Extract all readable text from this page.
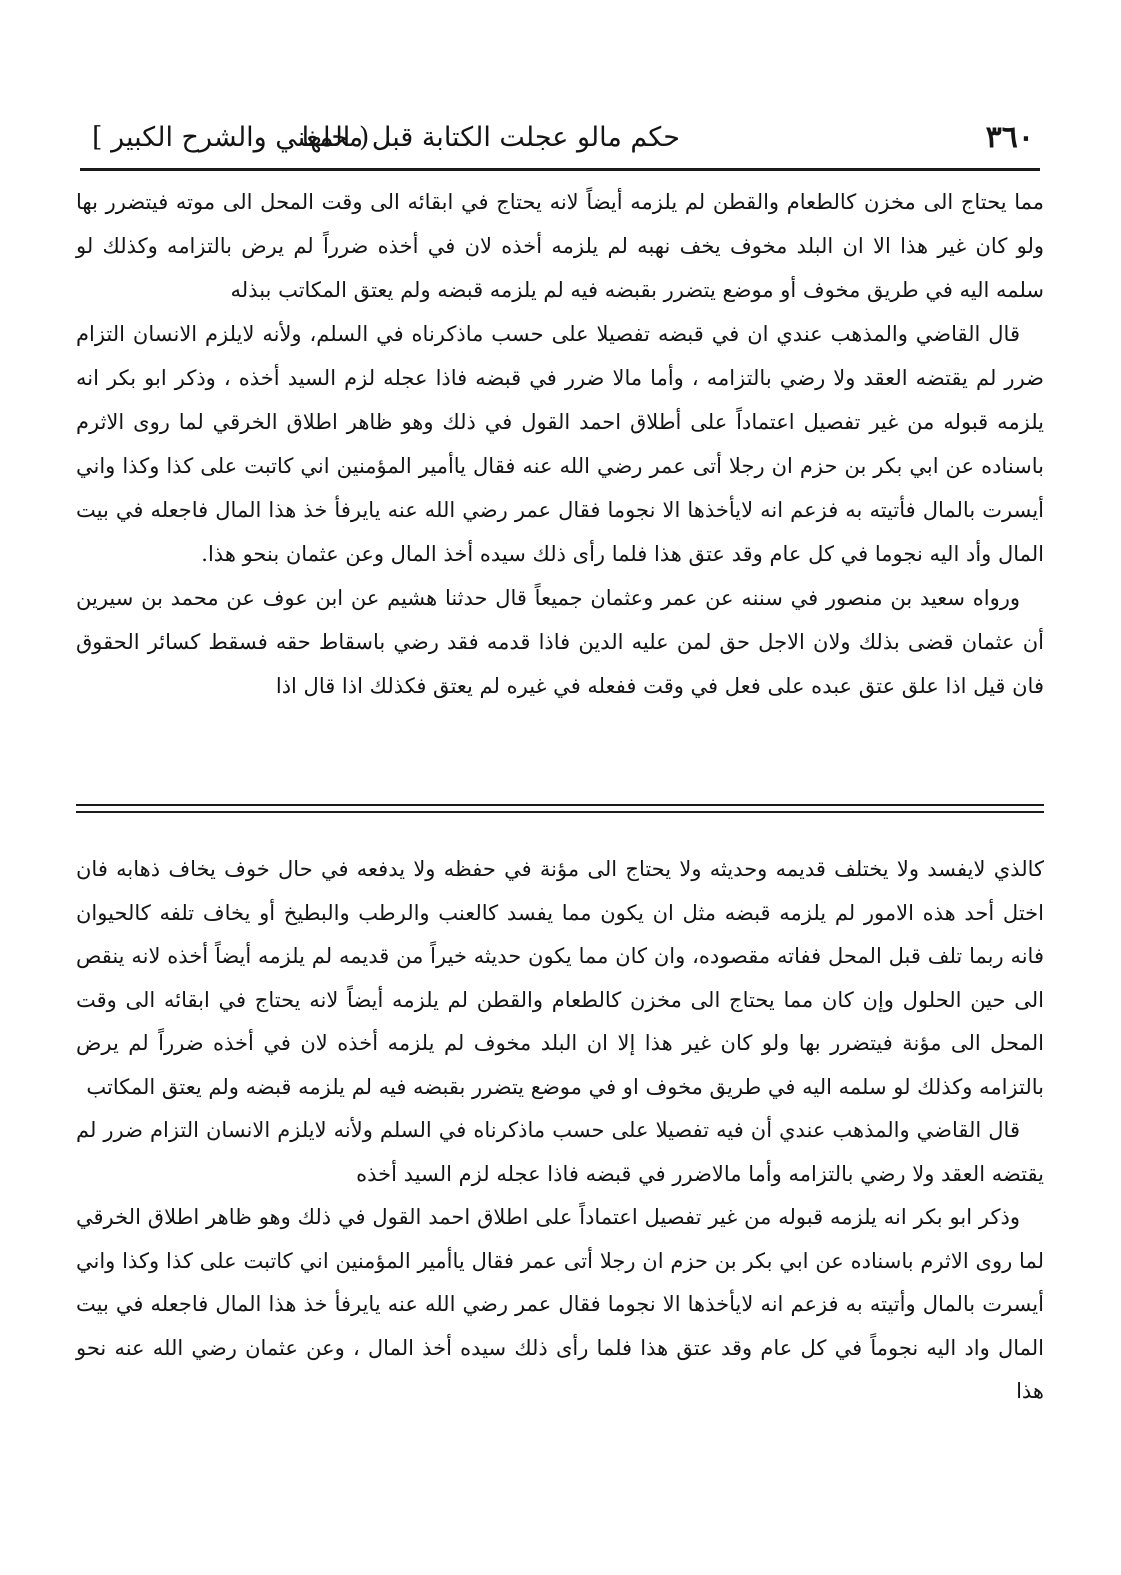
٣٦٠
حكم مالو عجلت الكتابة قبل محلها
( المغني والشرح الكبير ]

مما يحتاج الى مخزن كالطعام والقطن لم يلزمه أيضاً لانه يحتاج في ابقائه الى وقت المحل الى موته فيتضرر بها ولو كان غير هذا الا ان البلد مخوف يخف نهبه لم يلزمه أخذه لان في أخذه ضرراً لم يرض بالتزامه وكذلك لو سلمه اليه في طريق مخوف أو موضع يتضرر بقبضه فيه لم يلزمه قبضه ولم يعتق المكاتب ببذله

قال القاضي والمذهب عندي ان في قبضه تفصيلا على حسب ماذكرناه في السلم، ولأنه لايلزم الانسان التزام ضرر لم يقتضه العقد ولا رضي بالتزامه ، وأما مالا ضرر في قبضه فاذا عجله لزم السيد أخذه ، وذكر ابو بكر انه يلزمه قبوله من غير تفصيل اعتماداً على أطلاق احمد القول في ذلك وهو ظاهر اطلاق الخرقي لما روى الاثرم باسناده عن ابي بكر بن حزم ان رجلا أتى عمر رضي الله عنه فقال ياأمير المؤمنين اني كاتبت على كذا وكذا واني أيسرت بالمال فأتيته به فزعم انه لايأخذها الا نجوما فقال عمر رضي الله عنه يايرفأ خذ هذا المال فاجعله في بيت المال وأد اليه نجوما في كل عام وقد عتق هذا فلما رأى ذلك سيده أخذ المال وعن عثمان بنحو هذا.

ورواه سعيد بن منصور في سننه عن عمر وعثمان جميعاً قال حدثنا هشيم عن ابن عوف عن محمد بن سيرين أن عثمان قضى بذلك ولان الاجل حق لمن عليه الدين فاذا قدمه فقد رضي باسقاط حقه فسقط كسائر الحقوق فان قيل اذا علق عتق عبده على فعل في وقت ففعله في غيره لم يعتق فكذلك اذا قال اذا

كالذي لايفسد ولا يختلف قديمه وحديثه ولا يحتاج الى مؤنة في حفظه ولا يدفعه في حال خوف يخاف ذهابه فان اختل أحد هذه الامور لم يلزمه قبضه مثل ان يكون مما يفسد كالعنب والرطب والبطيخ أو يخاف تلفه كالحيوان فانه ربما تلف قبل المحل ففاته مقصوده، وان كان مما يكون حديثه خيراً من قديمه لم يلزمه أيضاً أخذه لانه ينقص الى حين الحلول وإن كان مما يحتاج الى مخزن كالطعام والقطن لم يلزمه أيضاً لانه يحتاج في ابقائه الى وقت المحل الى مؤنة فيتضرر بها ولو كان غير هذا إلا ان البلد مخوف لم يلزمه أخذه لان في أخذه ضرراً لم يرض بالتزامه وكذلك لو سلمه اليه في طريق مخوف او في موضع يتضرر بقبضه فيه لم يلزمه قبضه ولم يعتق المكاتب

قال القاضي والمذهب عندي أن فيه تفصيلا على حسب ماذكرناه في السلم ولأنه لايلزم الانسان التزام ضرر لم يقتضه العقد ولا رضي بالتزامه وأما مالاضرر في قبضه فاذا عجله لزم السيد أخذه

وذكر ابو بكر انه يلزمه قبوله من غير تفصيل اعتماداً على اطلاق احمد القول في ذلك وهو ظاهر اطلاق الخرقي لما روى الاثرم باسناده عن ابي بكر بن حزم ان رجلا أتى عمر فقال ياأمير المؤمنين اني كاتبت على كذا وكذا واني أيسرت بالمال وأتيته به فزعم انه لايأخذها الا نجوما فقال عمر رضي الله عنه يايرفأ خذ هذا المال فاجعله في بيت المال واد اليه نجوماً في كل عام وقد عتق هذا فلما رأى ذلك سيده أخذ المال ، وعن عثمان رضي الله عنه نحو هذا
